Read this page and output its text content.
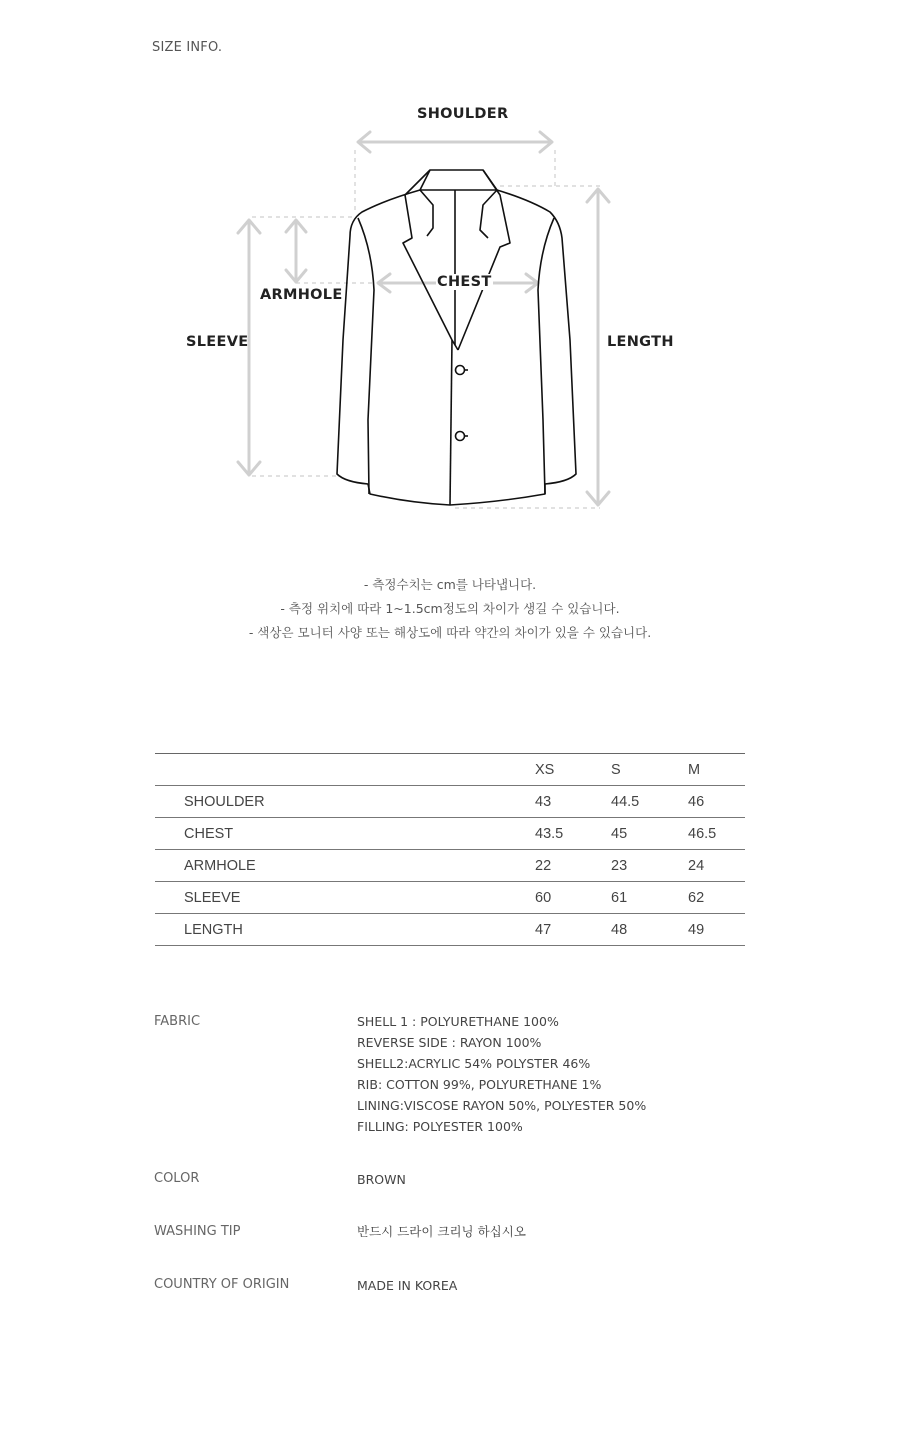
SIZE INFO.
SHOULDER
CHEST
ARMHOLE
SLEEVE	LENGTH
- 측정수치는 cm를 나타냅니다.
- 측정 위치에 따라 1~1.5cm정도의 차이가 생길 수 있습니다.
- 색상은 모니터 사양 또는 해상도에 따라 약간의 차이가 있을 수 있습니다.
	XS	S	M
SHOULDER	43	44.5	46
CHEST	43.5	45	46.5
ARMHOLE	22	23	24
SLEEVE	60	61	62
LENGTH	47	48	49
FABRIC	SHELL 1 : POLYURETHANE 100%
REVERSE SIDE : RAYON 100%
SHELL2:ACRYLIC 54% POLYSTER 46%
RIB: COTTON 99%, POLYURETHANE 1%
LINING:VISCOSE RAYON 50%, POLYESTER 50%
FILLING: POLYESTER 100%
COLOR	BROWN
WASHING TIP	반드시 드라이 크리닝 하십시오
COUNTRY OF ORIGIN	MADE IN KOREA
